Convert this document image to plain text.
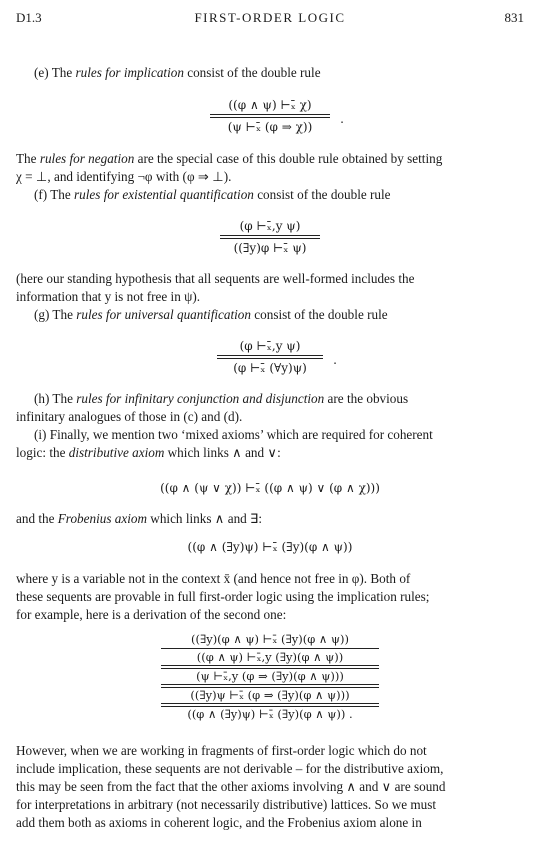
D1.3	FIRST-ORDER LOGIC	831
(e) The rules for implication consist of the double rule
((φ ∧ ψ) ⊢ₓ̄ χ)
(ψ ⊢ₓ̄ (φ ⇒ χ))
.
The rules for negation are the special case of this double rule obtained by setting
χ = ⊥, and identifying ¬φ with (φ ⇒ ⊥).
(f) The rules for existential quantification consist of the double rule
$\frac{\text{(φ ⊢ₓ̄,y ψ)}}{\text{((∃y)φ ⊢ₓ̄ ψ)}}$
(here our standing hypothesis that all sequents are well-formed includes the
information that y is not free in ψ).
(g) The rules for universal quantification consist of the double rule
(φ ⊢ₓ̄,y ψ)
(φ ⊢ₓ̄ (∀y)ψ)
.
(h) The rules for infinitary conjunction and disjunction are the obvious
infinitary analogues of those in (c) and (d).
(i) Finally, we mention two ‘mixed axioms’ which are required for coherent
logic: the distributive axiom which links ∧ and ∨:
((φ ∧ (ψ ∨ χ)) ⊢ₓ̄ ((φ ∧ ψ) ∨ (φ ∧ χ)))
and the Frobenius axiom which links ∧ and ∃:
((φ ∧ (∃y)ψ) ⊢ₓ̄ (∃y)(φ ∧ ψ))
where y is a variable not in the context x̄ (and hence not free in φ). Both of
these sequents are provable in full first-order logic using the implication rules;
for example, here is a derivation of the second one:
((∃y)(φ ∧ ψ) ⊢ₓ̄ (∃y)(φ ∧ ψ))
((φ ∧ ψ) ⊢ₓ̄,y (∃y)(φ ∧ ψ))
(ψ ⊢ₓ̄,y (φ ⇒ (∃y)(φ ∧ ψ)))
((∃y)ψ ⊢ₓ̄ (φ ⇒ (∃y)(φ ∧ ψ)))
((φ ∧ (∃y)ψ) ⊢ₓ̄ (∃y)(φ ∧ ψ)) .
However, when we are working in fragments of first-order logic which do not
include implication, these sequents are not derivable – for the distributive axiom,
this may be seen from the fact that the other axioms involving ∧ and ∨ are sound
for interpretations in arbitrary (not necessarily distributive) lattices. So we must
add them both as axioms in coherent logic, and the Frobenius axiom alone in
